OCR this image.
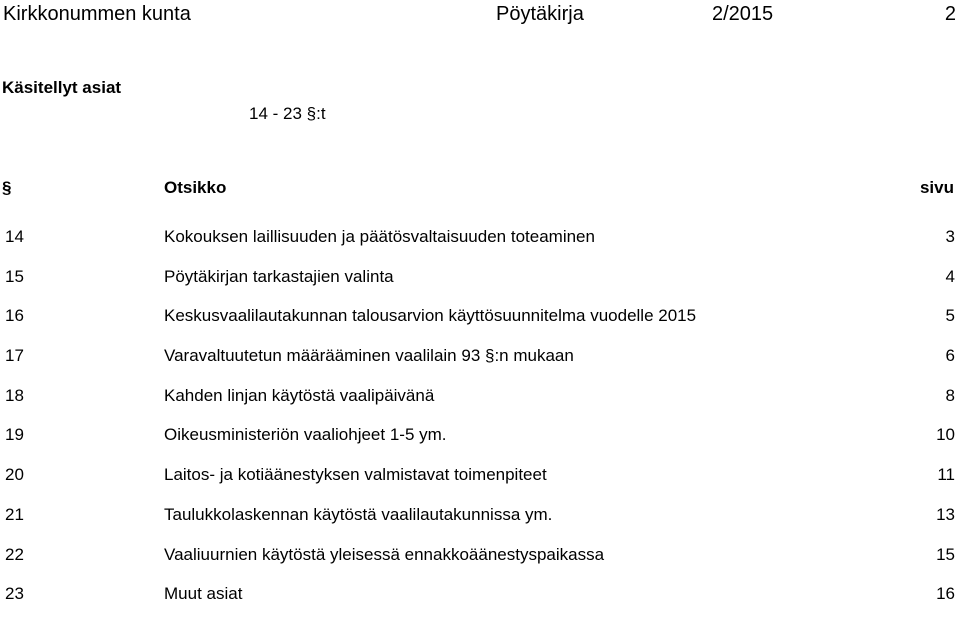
Kirkkonummen kunta	Pöytäkirja	2/2015	2
Käsitellyt asiat
14 - 23 §:t
§	Otsikko	sivu
14	Kokouksen laillisuuden ja päätösvaltaisuuden toteaminen	3
15	Pöytäkirjan tarkastajien valinta	4
16	Keskusvaalilautakunnan talousarvion käyttösuunnitelma vuodelle 2015	5
17	Varavaltuutetun määrääminen vaalilain 93 §:n mukaan	6
18	Kahden linjan käytöstä vaalipäivänä	8
19	Oikeusministeriön vaaliohjeet 1-5 ym.	10
20	Laitos- ja kotiäänestyksen valmistavat toimenpiteet	11
21	Taulukkolaskennan käytöstä vaalilautakunnissa ym.	13
22	Vaaliuurnien käytöstä yleisessä ennakkoäänestyspaikassa	15
23	Muut asiat	16
